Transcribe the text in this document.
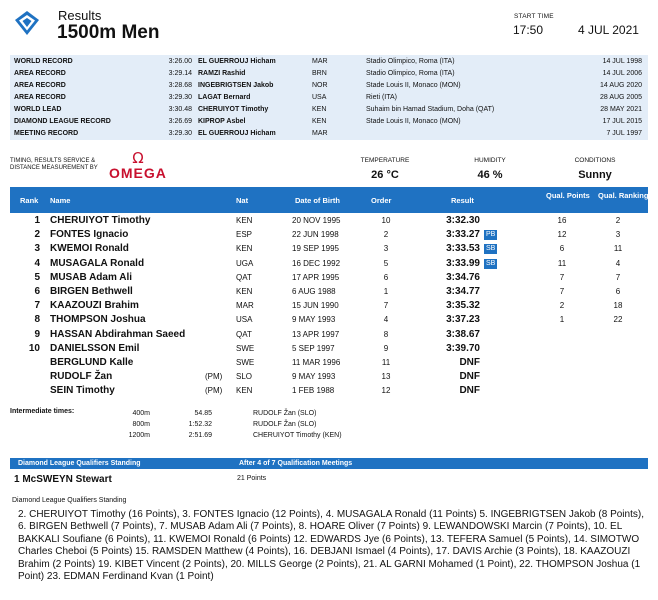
Results
1500m Men
START TIME
17:50	4 JUL 2021
WORLD RECORD	3:26.00 EL GUERROUJ Hicham	MAR	Stadio Olimpico, Roma (ITA)	14 JUL 1998
AREA RECORD	3:29.14 RAMZI Rashid	BRN	Stadio Olimpico, Roma (ITA)	14 JUL 2006
AREA RECORD	3:28.68 INGEBRIGTSEN Jakob	NOR	Stade Louis II, Monaco (MON)	14 AUG 2020
AREA RECORD	3:29.30 LAGAT Bernard	USA	Rieti (ITA)	28 AUG 2005
WORLD LEAD	3:30.48 CHERUIYOT Timothy	KEN	Suhaim bin Hamad Stadium, Doha (QAT)	28 MAY 2021
DIAMOND LEAGUE RECORD	3:26.69 KIPROP Asbel	KEN	Stade Louis II, Monaco (MON)	17 JUL 2015
MEETING RECORD	3:29.30 EL GUERROUJ Hicham	MAR	7 JUL 1997
TIMING, RESULTS SERVICE &
DISTANCE MEASUREMENT BY
Ω
OMEGA
TEMPERATURE
26 °C
HUMIDITY
46 %
CONDITIONS
Sunny
Rank Name	Nat	Date of Birth	Order	Result
Qual. Points Qual. Ranking
1 CHERUIYOT Timothy	KEN	20 NOV 1995	10	3:32.30	16	2
2 FONTES Ignacio	ESP	22 JUN 1998	2	3:33.27	12	3
PB
3 KWEMOI Ronald	KEN	19 SEP 1995	3	3:33.53	6	11
SB
4 MUSAGALA Ronald	UGA	16 DEC 1992	5	3:33.99	11	4
SB
5 MUSAB Adam Ali	QAT	17 APR 1995	6	3:34.76	7	7
6 BIRGEN Bethwell	KEN	6 AUG 1988	1	3:34.77	7	6
7 KAAZOUZI Brahim	MAR	15 JUN 1990	7	3:35.32	2	18
8 THOMPSON Joshua	USA	9 MAY 1993	4	3:37.23	1	22
9 HASSAN Abdirahman Saeed	QAT	13 APR 1997	8	3:38.67
10 DANIELSSON Emil	SWE	5 SEP 1997	9	3:39.70
BERGLUND Kalle	SWE	11 MAR 1996	11	DNF
RUDOLF Žan	(PM) SLO	9 MAY 1993	13	DNF
SEIN Timothy	(PM) KEN	1 FEB 1988	12	DNF
Intermediate times:	400m	54.85	RUDOLF Žan (SLO)
800m	1:52.32	RUDOLF Žan (SLO)
1200m	2:51.69	CHERUIYOT Timothy (KEN)
Diamond League Qualifiers Standing	After 4 of 7 Qualification Meetings
1 McSWEYN Stewart	21 Points
Diamond League Qualifiers Standing
2. CHERUIYOT Timothy (16 Points), 3. FONTES Ignacio (12 Points), 4. MUSAGALA Ronald (11 Points) 5. INGEBRIGTSEN Jakob (8 Points), 6. BIRGEN Bethwell (7 Points), 7. MUSAB Adam Ali (7 Points), 8. HOARE Oliver (7 Points) 9. LEWANDOWSKI Marcin (7 Points), 10. EL BAKKALI Soufiane (6 Points), 11. KWEMOI Ronald (6 Points) 12. EDWARDS Jye (6 Points), 13. TEFERA Samuel (5 Points), 14. SIMOTWO Charles Cheboi (5 Points) 15. RAMSDEN Matthew (4 Points), 16. DEBJANI Ismael (4 Points), 17. DAVIS Archie (3 Points), 18. KAAZOUZI Brahim (2 Points) 19. KIBET Vincent (2 Points), 20. MILLS George (2 Points), 21. AL GARNI Mohamed (1 Point), 22. THOMPSON Joshua (1 Point) 23. EDMAN Ferdinand Kvan (1 Point)
